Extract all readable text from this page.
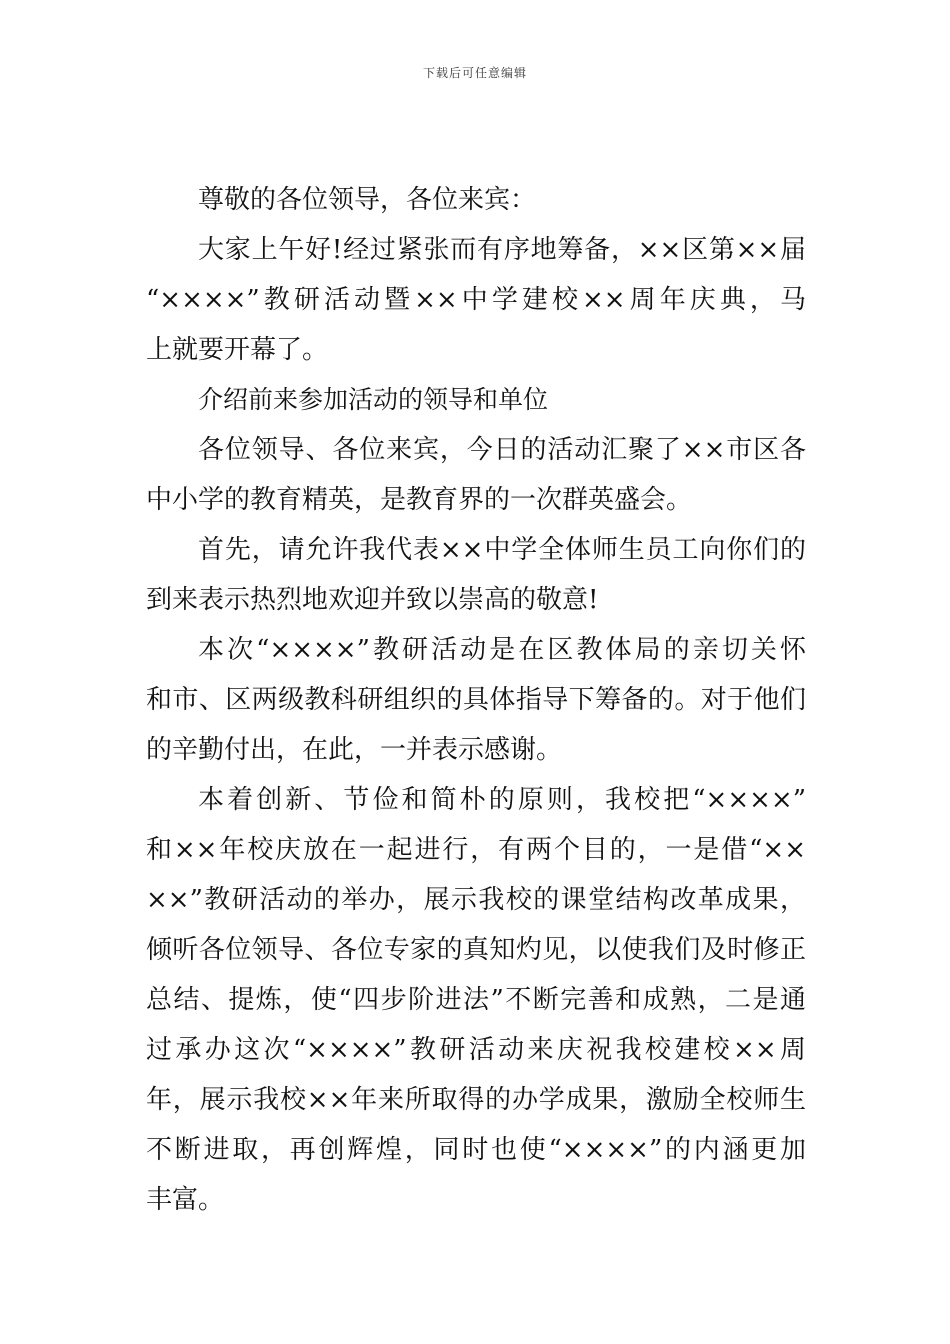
下载后可任意编辑
尊敬的各位领导，各位来宾：
大家上午好!经过紧张而有序地筹备，××区第××届
“××××”教研活动暨××中学建校××周年庆典，马
上就要开幕了。
介绍前来参加活动的领导和单位
各位领导、各位来宾，今日的活动汇聚了××市区各
中小学的教育精英，是教育界的一次群英盛会。
首先，请允许我代表××中学全体师生员工向你们的
到来表示热烈地欢迎并致以崇高的敬意!
本次“××××”教研活动是在区教体局的亲切关怀
和市、区两级教科研组织的具体指导下筹备的。对于他们
的辛勤付出，在此，一并表示感谢。
本着创新、节俭和简朴的原则，我校把“××××”
和××年校庆放在一起进行，有两个目的，一是借“××
××”教研活动的举办，展示我校的课堂结构改革成果，
倾听各位领导、各位专家的真知灼见，以使我们及时修正
总结、提炼，使“四步阶进法”不断完善和成熟，二是通
过承办这次“××××”教研活动来庆祝我校建校××周
年，展示我校××年来所取得的办学成果，激励全校师生
不断进取，再创辉煌，同时也使“××××”的内涵更加
丰富。
